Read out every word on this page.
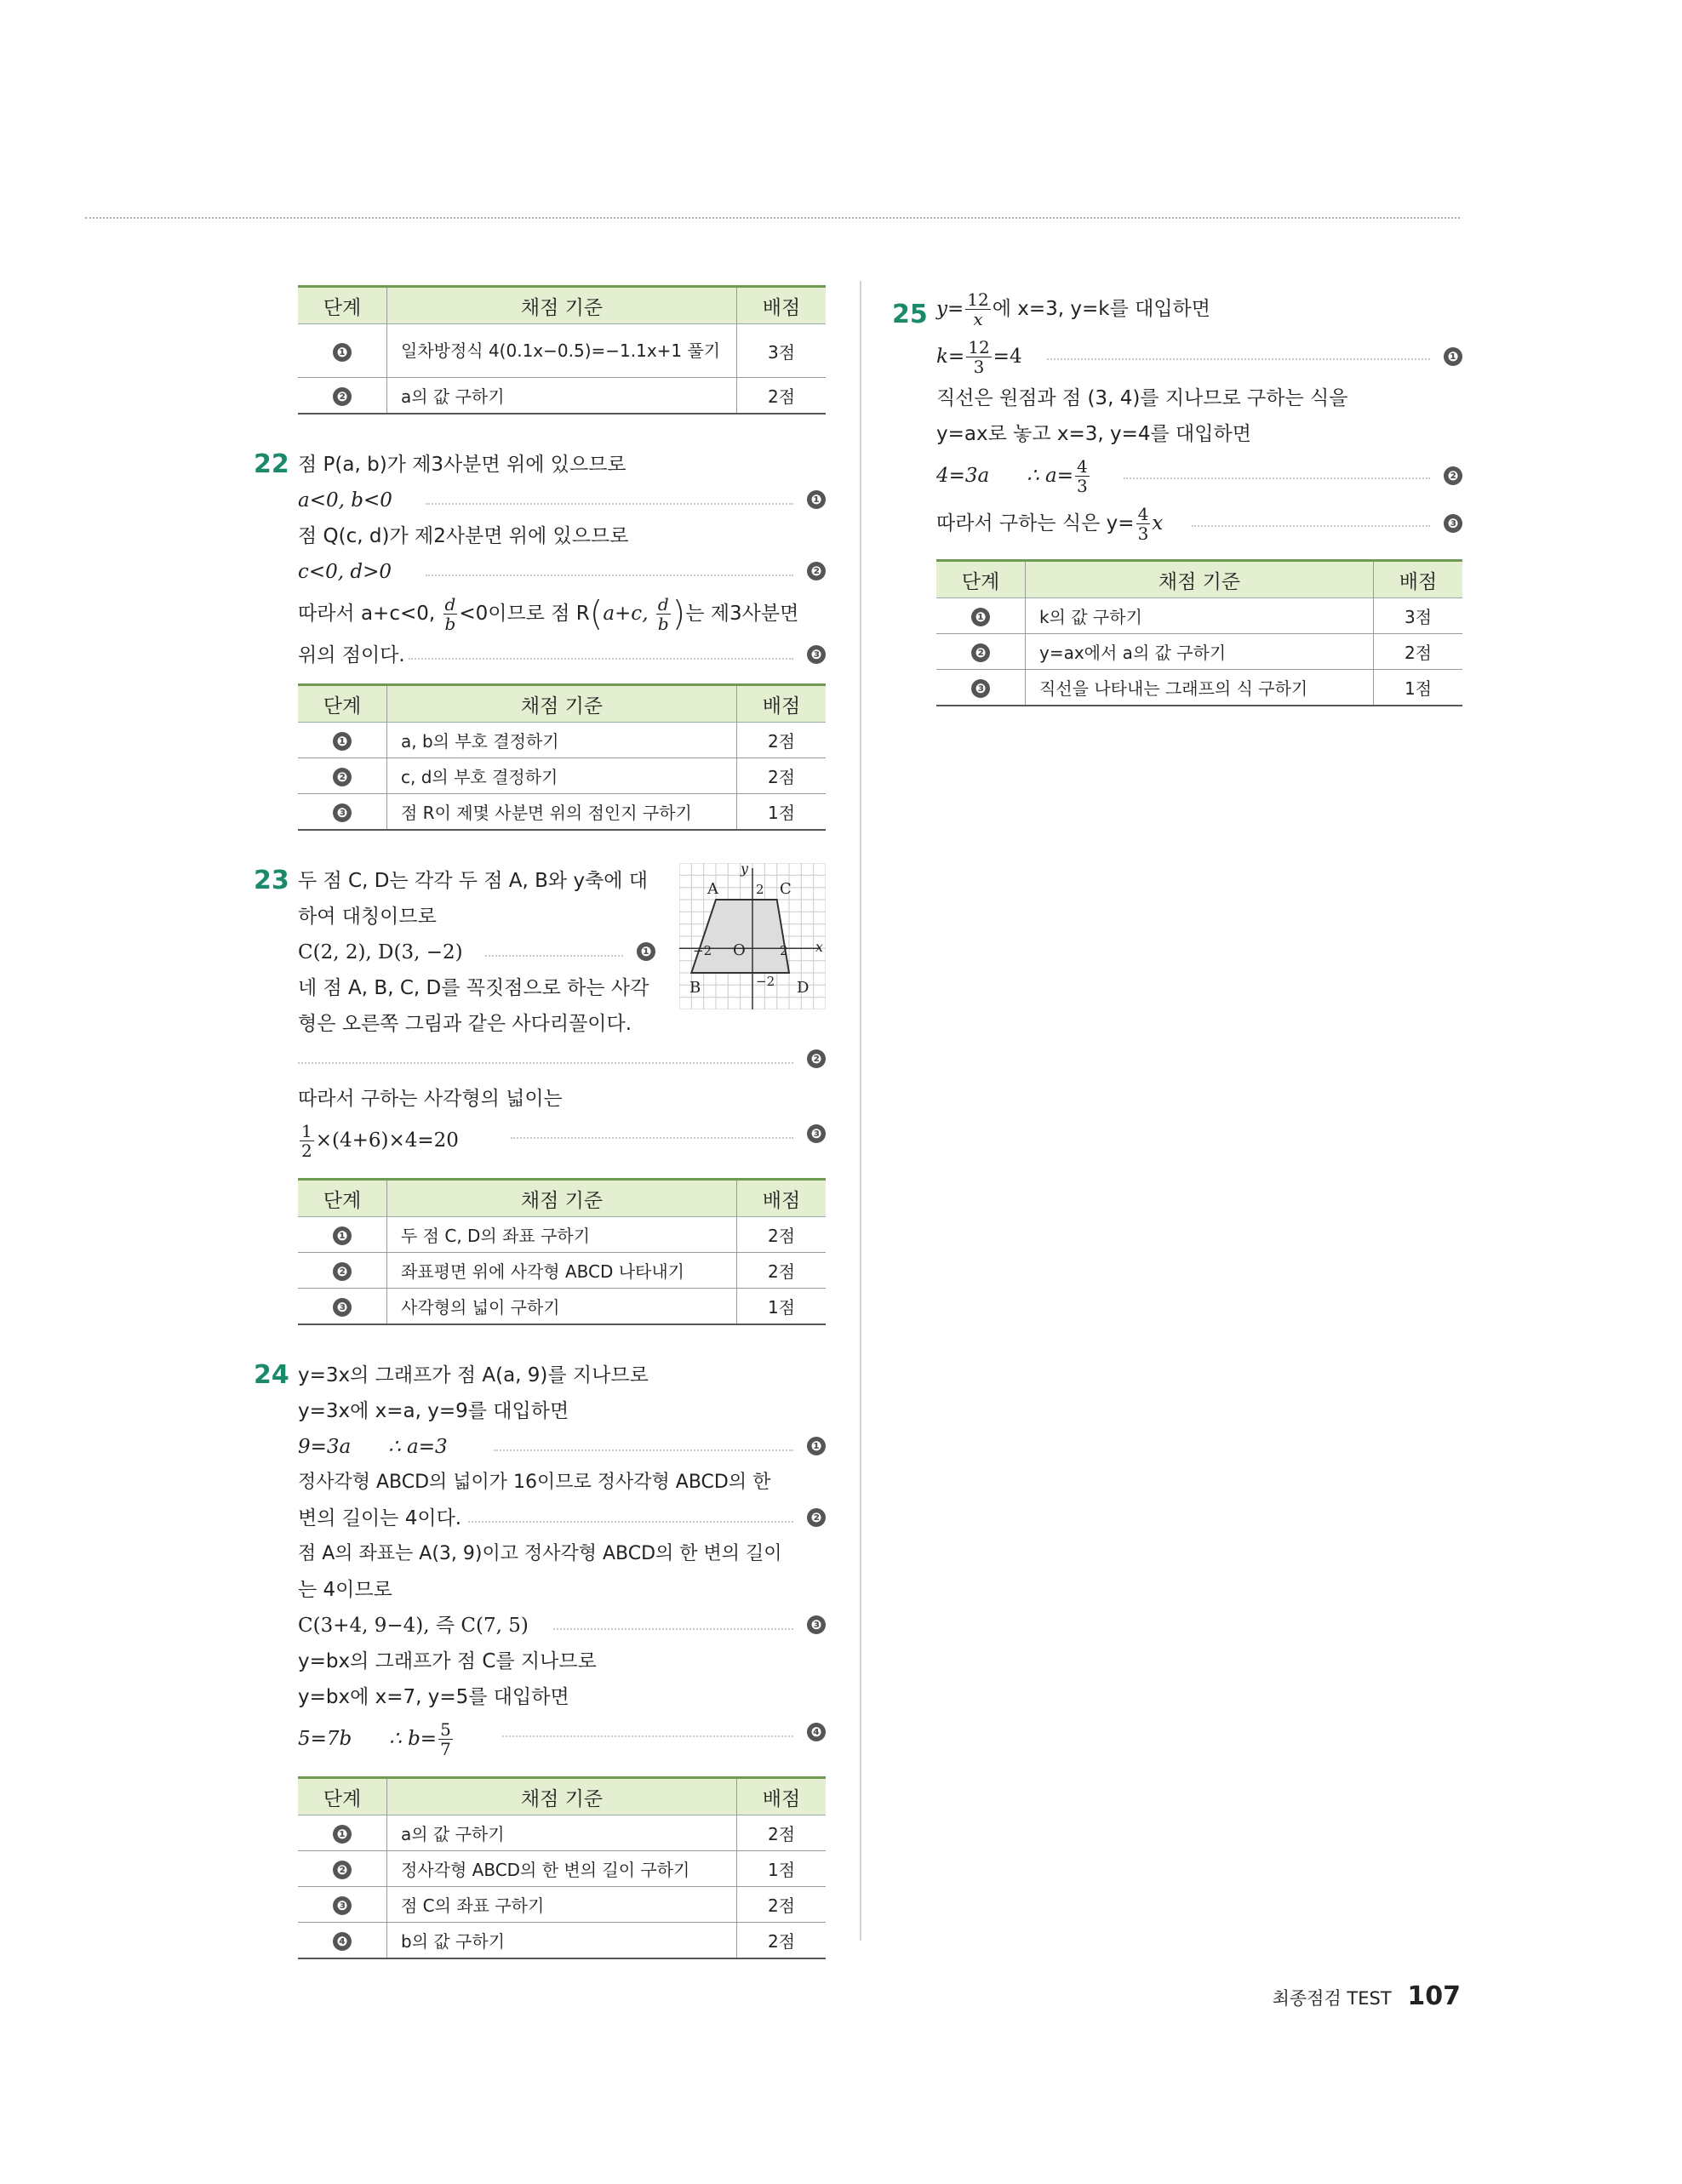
단계	채점 기준	배점
❶	일차방정식 4(0.1x−0.5)=−1.1x+1 풀기	3점
❷	a의 값 구하기	2점
22 점 P(a, b)가 제3사분면 위에 있으므로
a<0, b<0	❶
점 Q(c, d)가 제2사분면 위에 있으므로
c<0, d>0	❷
따라서 a+c<0, $\frac{d}{b} <0$이므로 점 R(a+c, $\frac{d}{b}$ )는 제3사분면
위의 점이다.	❸
단계	채점 기준	배점
❶	a, b의 부호 결정하기	2점
❷	c, d의 부호 결정하기	2점
❸	점 R이 제몇 사분면 위의 점인지 구하기	1점
23 두 점 C, D는 각각 두 점 A, B와 y축에 대
하여 대칭이므로
C(2, 2), D(3, −2)	❶
네 점 A, B, C, D를 꼭짓점으로 하는 사각
형은 오른쪽 그림과 같은 사다리꼴이다.
❷
A	C
B	D
O
2
−2
2
−2	x
y
따라서 구하는 사각형의 넓이는
$\frac{1}{2} \times(4+6)\times 4=20$	❸
단계	채점 기준	배점
❶	두 점 C, D의 좌표 구하기	2점
❷	좌표평면 위에 사각형 ABCD 나타내기	2점
❸	사각형의 넓이 구하기	1점
24 y=3x의 그래프가 점 A(a, 9)를 지나므로
y=3x에 x=a, y=9를 대입하면
9=3a      ∴ a=3	❶
정사각형 ABCD의 넓이가 16이므로 정사각형 ABCD의 한
변의 길이는 4이다.	❷
점 A의 좌표는 A(3, 9)이고 정사각형 ABCD의 한 변의 길이
는 4이므로
C(3+4, 9−4), 즉 C(7, 5)	❸
y=bx의 그래프가 점 C를 지나므로
y=bx에 x=7, y=5를 대입하면
5=7b      ∴ $b= \frac{5}{7}$	❹
단계	채점 기준	배점
❶	a의 값 구하기	2점
❷	정사각형 ABCD의 한 변의 길이 구하기	1점
❸	점 C의 좌표 구하기	2점
❹	b의 값 구하기	2점
25 $y= \frac{12}{x}$ 에 x=3, y=k를 대입하면
$k= \frac{12}{3} =4$	❶
직선은 원점과 점 (3, 4)를 지나므로 구하는 식을
y=ax로 놓고 x=3, y=4를 대입하면
4=3a      ∴ $a= \frac{4}{3}$	❷
따라서 구하는 식은 $y= \frac{4}{3}$ x	❸
단계	채점 기준	배점
❶	k의 값 구하기	3점
❷	y=ax에서 a의 값 구하기	2점
❸	직선을 나타내는 그래프의 식 구하기	1점
최종점검 TEST 107
